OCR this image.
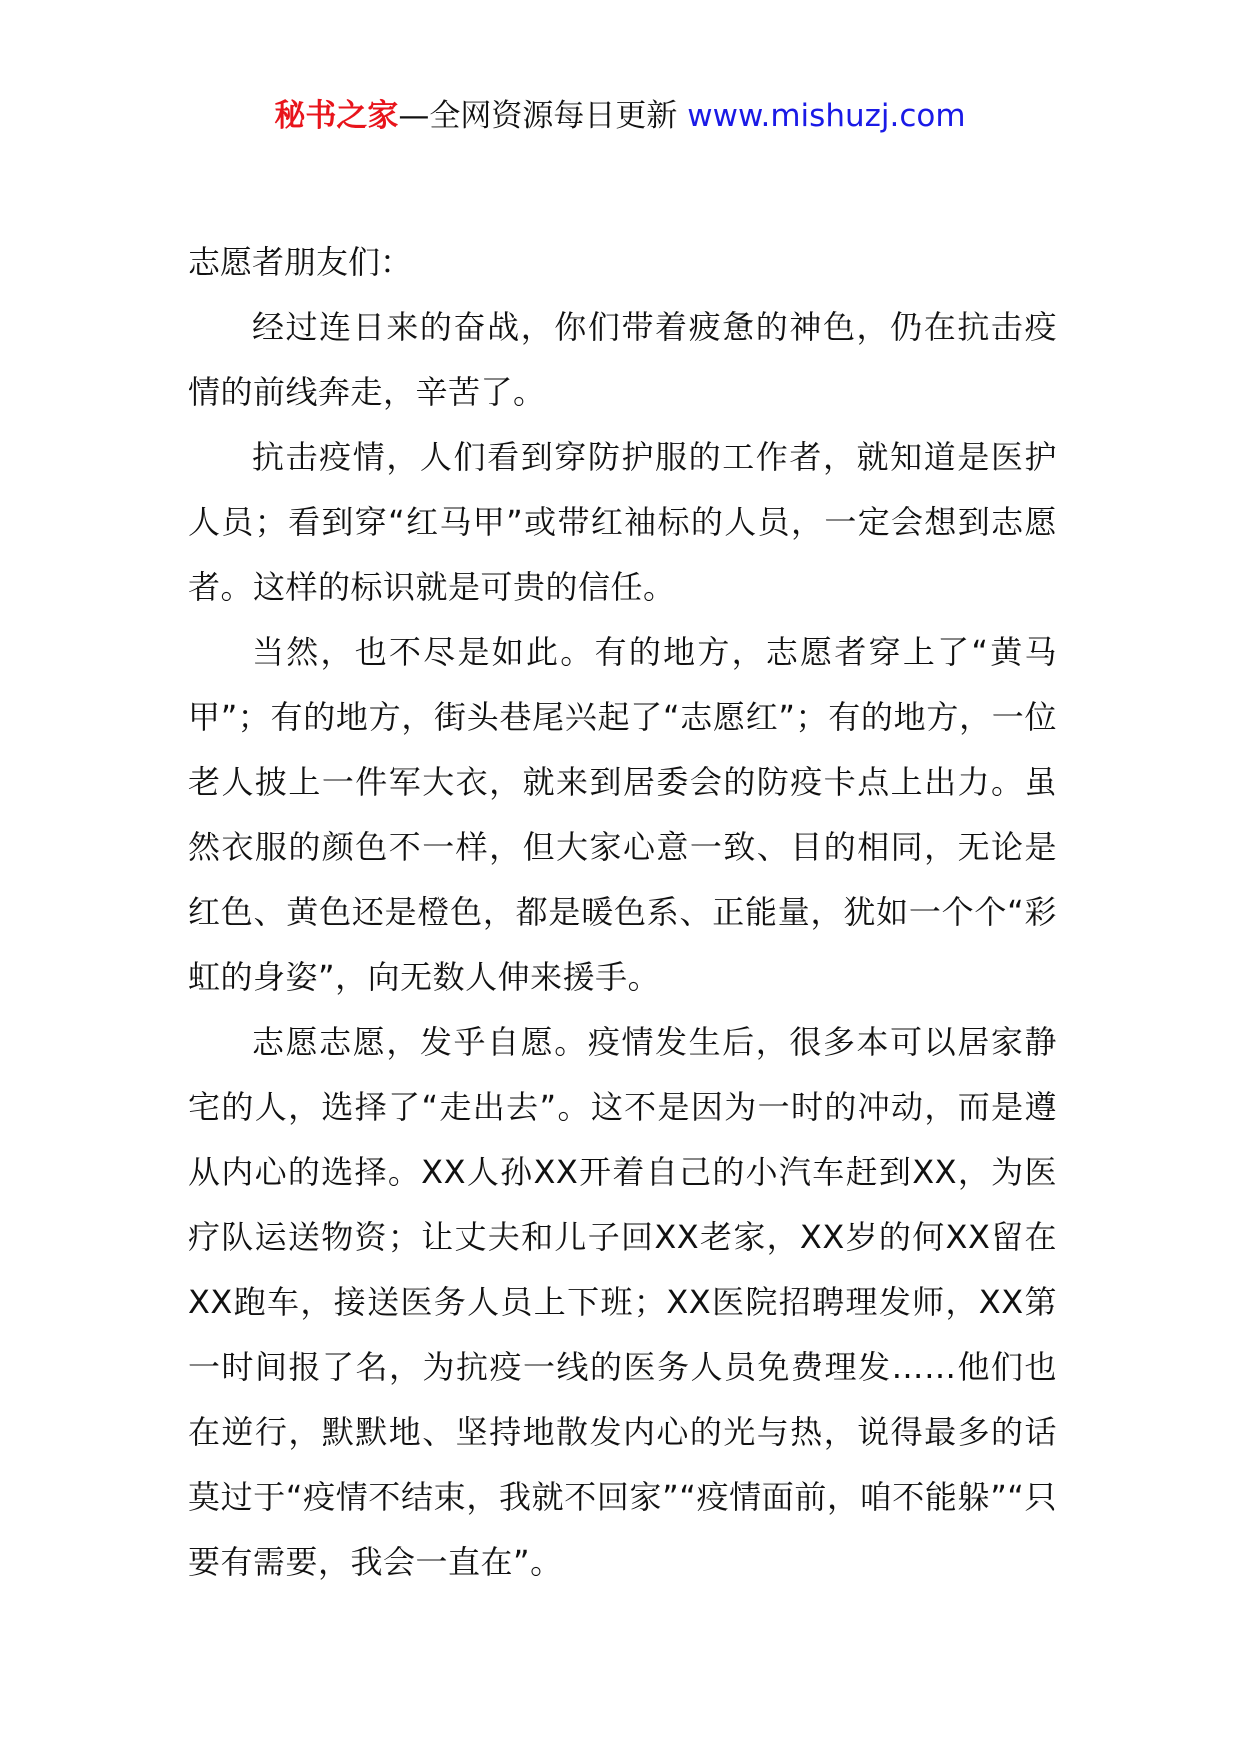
秘书之家—全网资源每日更新 www.mishuzj.com

志愿者朋友们：

经过连日来的奋战，你们带着疲惫的神色，仍在抗击疫情的前线奔走，辛苦了。

抗击疫情，人们看到穿防护服的工作者，就知道是医护人员；看到穿“红马甲”或带红袖标的人员，一定会想到志愿者。这样的标识就是可贵的信任。

当然，也不尽是如此。有的地方，志愿者穿上了“黄马甲”；有的地方，街头巷尾兴起了“志愿红”；有的地方，一位老人披上一件军大衣，就来到居委会的防疫卡点上出力。虽然衣服的颜色不一样，但大家心意一致、目的相同，无论是红色、黄色还是橙色，都是暖色系、正能量，犹如一个个“彩虹的身姿”，向无数人伸来援手。

志愿志愿，发乎自愿。疫情发生后，很多本可以居家静宅的人，选择了“走出去”。这不是因为一时的冲动，而是遵从内心的选择。XX人孙XX开着自己的小汽车赶到XX，为医疗队运送物资；让丈夫和儿子回XX老家，XX岁的何XX留在XX跑车，接送医务人员上下班；XX医院招聘理发师，XX第一时间报了名，为抗疫一线的医务人员免费理发……他们也在逆行，默默地、坚持地散发内心的光与热，说得最多的话莫过于“疫情不结束，我就不回家”“疫情面前，咱不能躲”“只要有需要，我会一直在”。
